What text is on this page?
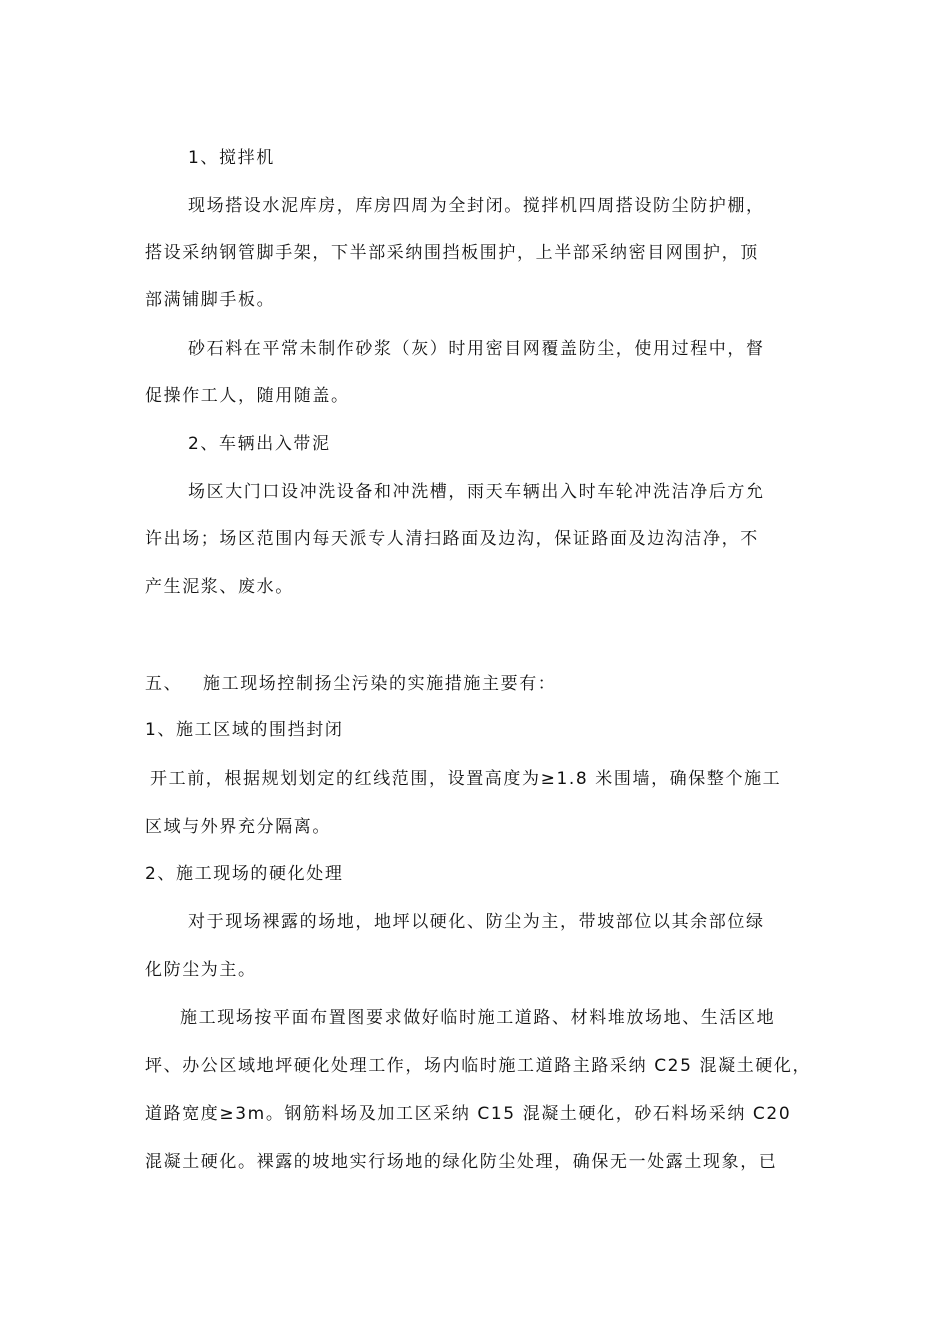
1、搅拌机
现场搭设水泥库房，库房四周为全封闭。搅拌机四周搭设防尘防护棚，
搭设采纳钢管脚手架，下半部采纳围挡板围护，上半部采纳密目网围护，顶
部满铺脚手板。
砂石料在平常未制作砂浆（灰）时用密目网覆盖防尘，使用过程中，督
促操作工人，随用随盖。
2、车辆出入带泥
场区大门口设冲洗设备和冲洗槽，雨天车辆出入时车轮冲洗洁净后方允
许出场；场区范围内每天派专人清扫路面及边沟，保证路面及边沟洁净，不
产生泥浆、废水。
五、 施工现场控制扬尘污染的实施措施主要有：
1、施工区域的围挡封闭
开工前，根据规划划定的红线范围，设置高度为≥1.8 米围墙，确保整个施工
区域与外界充分隔离。
2、施工现场的硬化处理
对于现场裸露的场地，地坪以硬化、防尘为主，带坡部位以其余部位绿
化防尘为主。
施工现场按平面布置图要求做好临时施工道路、材料堆放场地、生活区地
坪、办公区域地坪硬化处理工作，场内临时施工道路主路采纳 C25 混凝土硬化，
道路宽度≥3m。钢筋料场及加工区采纳 C15 混凝土硬化，砂石料场采纳 C20
混凝土硬化。裸露的坡地实行场地的绿化防尘处理，确保无一处露土现象，已
